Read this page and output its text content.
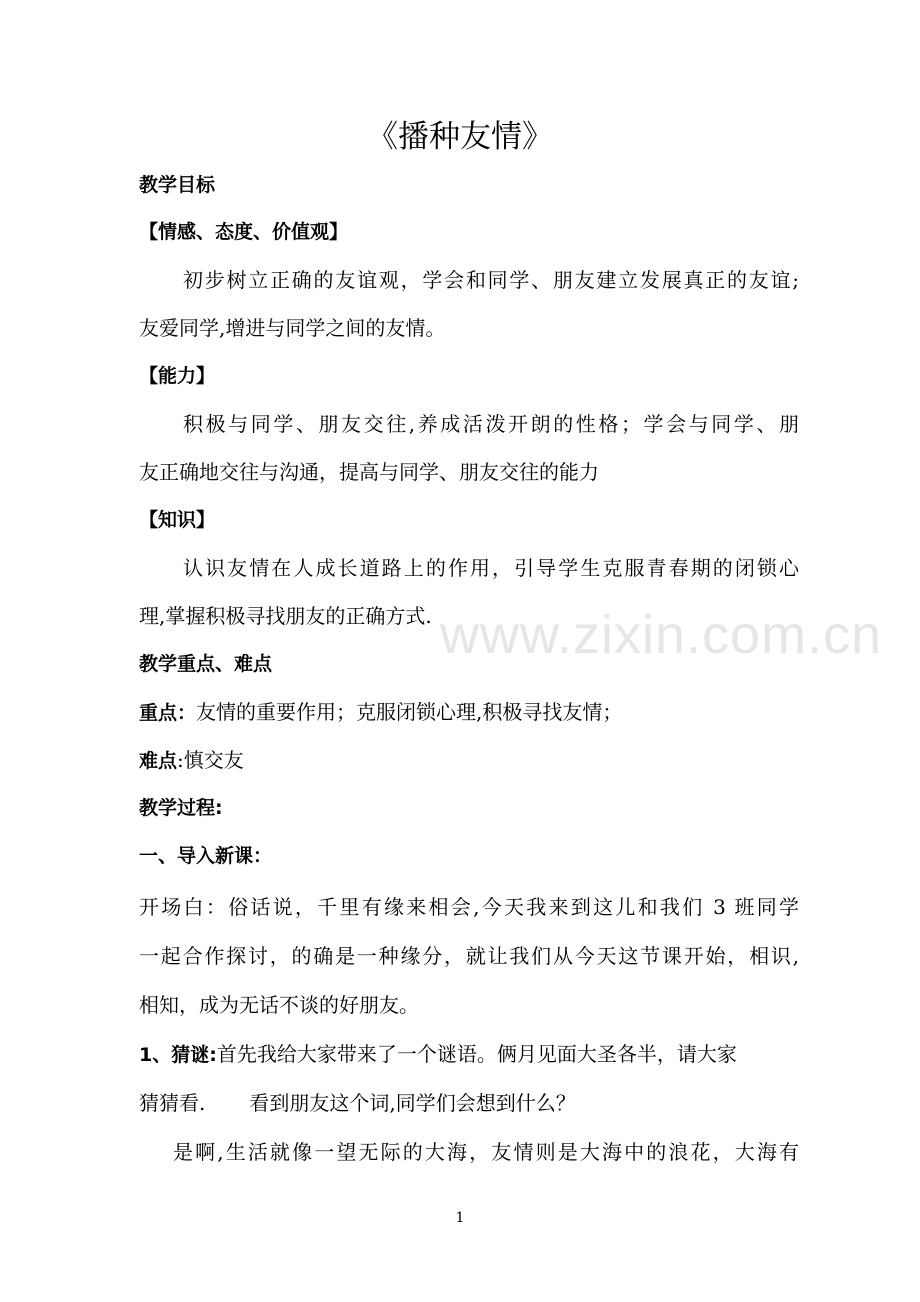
www.zixin.com.cn
《播种友情》
教学目标
【情感、态度、价值观】
初步树立正确的友谊观，学会和同学、朋友建立发展真正的友谊;
友爱同学,增进与同学之间的友情。
【能力】
积极与同学、朋友交往,养成活泼开朗的性格；学会与同学、朋
友正确地交往与沟通，提高与同学、朋友交往的能力
【知识】
认识友情在人成长道路上的作用，引导学生克服青春期的闭锁心
理,掌握积极寻找朋友的正确方式.
教学重点、难点
重点：友情的重要作用；克服闭锁心理,积极寻找友情；
难点:慎交友
教学过程:
一、导入新课：
开场白：俗话说，千里有缘来相会,今天我来到这儿和我们 3 班同学
一起合作探讨，的确是一种缘分，就让我们从今天这节课开始，相识,
相知，成为无话不谈的好朋友。
1、猜谜:首先我给大家带来了一个谜语。俩月见面大圣各半，请大家
猜猜看. 看到朋友这个词,同学们会想到什么？
是啊,生活就像一望无际的大海，友情则是大海中的浪花，大海有
1
